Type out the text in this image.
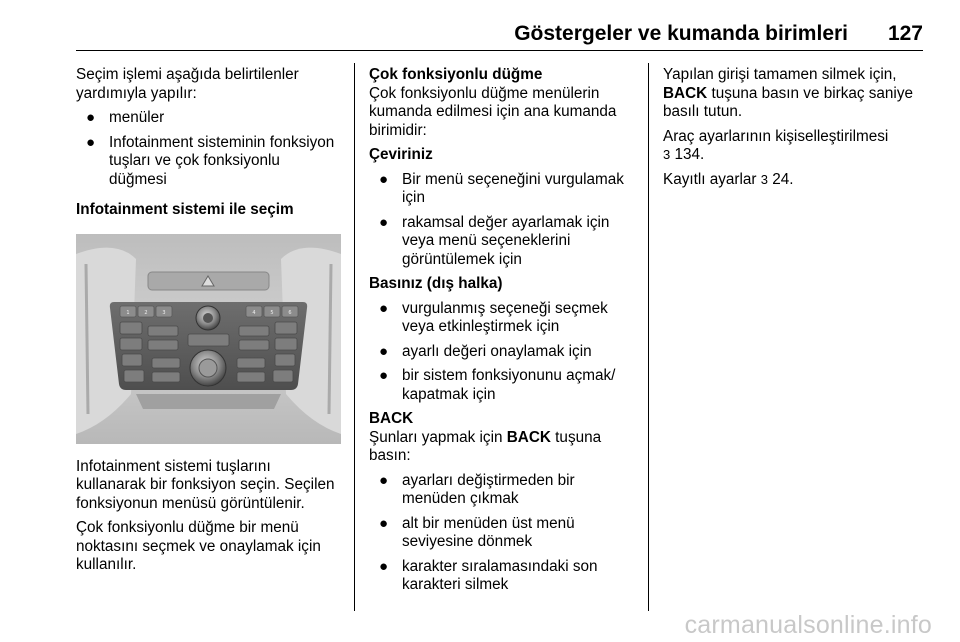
Göstergeler ve kumanda birimleri 127

Seçim işlemi aşağıda belirtilenler yardımıyla yapılır:

● menüler
● Infotainment sisteminin fonksiyon tuşları ve çok fonksiyonlu düğmesi

Infotainment sistemi ile seçim

1	2	3	4	5	6

Infotainment sistemi tuşlarını kullanarak bir fonksiyon seçin. Seçilen fonksiyonun menüsü görüntülenir.

Çok fonksiyonlu düğme bir menü noktasını seçmek ve onaylamak için kullanılır.

Çok fonksiyonlu düğme

Çok fonksiyonlu düğme menülerin kumanda edilmesi için ana kumanda birimidir:

Çeviriniz

● Bir menü seçeneğini vurgulamak için
● rakamsal değer ayarlamak için veya menü seçeneklerini görüntülemek için

Basınız (dış halka)

● vurgulanmış seçeneği seçmek veya etkinleştirmek için
● ayarlı değeri onaylamak için
● bir sistem fonksiyonunu açmak/ kapatmak için

BACK

Şunları yapmak için BACK tuşuna basın:

● ayarları değiştirmeden bir menüden çıkmak
● alt bir menüden üst menü seviyesine dönmek
● karakter sıralamasındaki son karakteri silmek

Yapılan girişi tamamen silmek için, BACK tuşuna basın ve birkaç saniye basılı tutun.

Araç ayarlarının kişiselleştirilmesi
3 134.

Kayıtlı ayarlar 3 24.

carmanualsonline.info
